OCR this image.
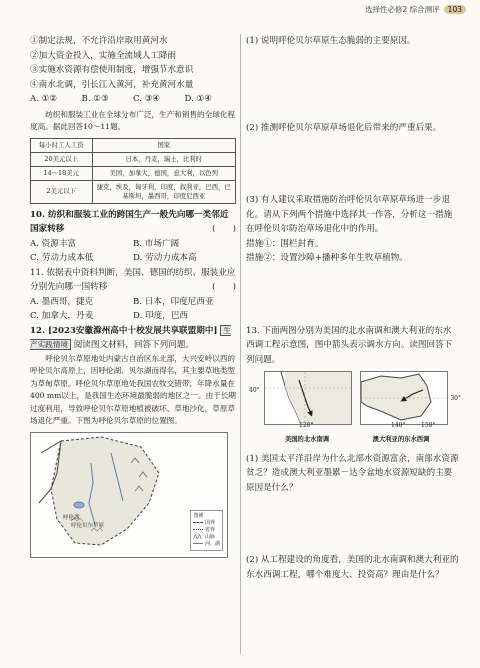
选择性必修2 综合测评	103

①制定法规，不允许沿岸取用黄河水

②加大资金投入，实施全流域人工降雨

③实施水资源有偿使用制度，增强节水意识

④南水北调，引长江入黄河，补充黄河水量

A. ①②	B. ①③	C. ③④	D. ①④

纺织和服装工业在全球分布广泛，生产和销售的全球化程度高。据此回答10～11题。

每小时工人工资	国家
20美元以上	日本，丹麦，瑞士，比利时
14～18美元	美国，加拿大，德国，意大利，以色列
2美元以下	捷克，埃及，匈牙利，印度，叙利亚，巴西，巴基斯坦，墨西哥，印度尼西亚

10. 纺织和服装工业的跨国生产一般先向哪一类邻近国家转移	(　　)

A. 资源丰富	B. 市场广阔
C. 劳动力成本低	D. 劳动力成本高

11. 依据表中资料判断，美国、德国的纺织、服装业应分别先向哪一国转移	(　　)

A. 墨西哥，捷克	B. 日本，印度尼西亚
C. 加拿大，丹麦	D. 印度，巴西

12. [2023安徽滁州高中十校发展共享联盟期中] 生产实践情境 阅读图文材料，回答下列问题。

呼伦贝尔草原地处内蒙古自治区东北部，大兴安岭以西的呼伦贝尔高原上，因呼伦湖、贝尔湖而得名，其主要草地类型为草甸草原。呼伦贝尔草原地处我国农牧交错带，年降水量在400 mm以上，是我国生态环境最脆弱的地区之一。由于长期过度利用，导致呼伦贝尔草原地植被破坏、草地沙化，草原草场退化严重。下图为呼伦贝尔草原的位置图。

呼伦湖
呼伦贝尔草原
图例
国界
省界
⋀⋀ 山脉
河、湖

(1) 说明呼伦贝尔草原生态脆弱的主要原因。

(2) 推测呼伦贝尔草原草场退化后带来的严重后果。

(3) 有人建议采取措施防治呼伦贝尔草原草场进一步退化。请从下列两个措施中选择其一作答，分析这一措施在呼伦贝尔防治草场退化中的作用。

措施①：围栏封育。

措施②：设置沙障+播种多年生牧草植物。

13. 下面两图分别为美国的北水南调和澳大利亚的东水西调工程示意图，图中箭头表示调水方向。读图回答下列问题。

40°
120°
30°
140°	150°
美国的北水南调	澳大利亚的东水西调

(1) 美国太平洋沿岸为什么北部水资源富余，南部水资源贫乏？造成澳大利亚墨累－达令盆地水资源短缺的主要原因是什么？

(2) 从工程建设的角度看，美国的北水南调和澳大利亚的东水西调工程，哪个难度大、投资高？理由是什么？
